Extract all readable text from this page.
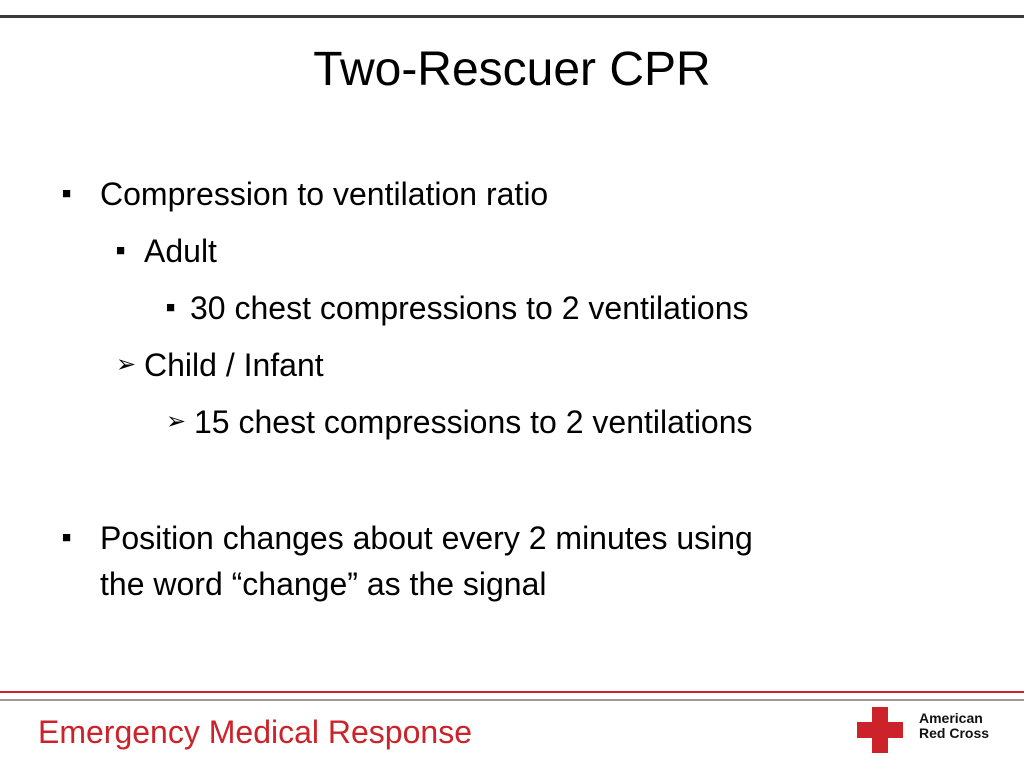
Two-Rescuer CPR
■ Compression to ventilation ratio
■ Adult
■ 30 chest compressions to 2 ventilations
➢ Child / Infant
➢ 15 chest compressions to 2 ventilations
■ Position changes about every 2 minutes using
the word “change” as the signal
Emergency Medical Response	American
Red Cross
